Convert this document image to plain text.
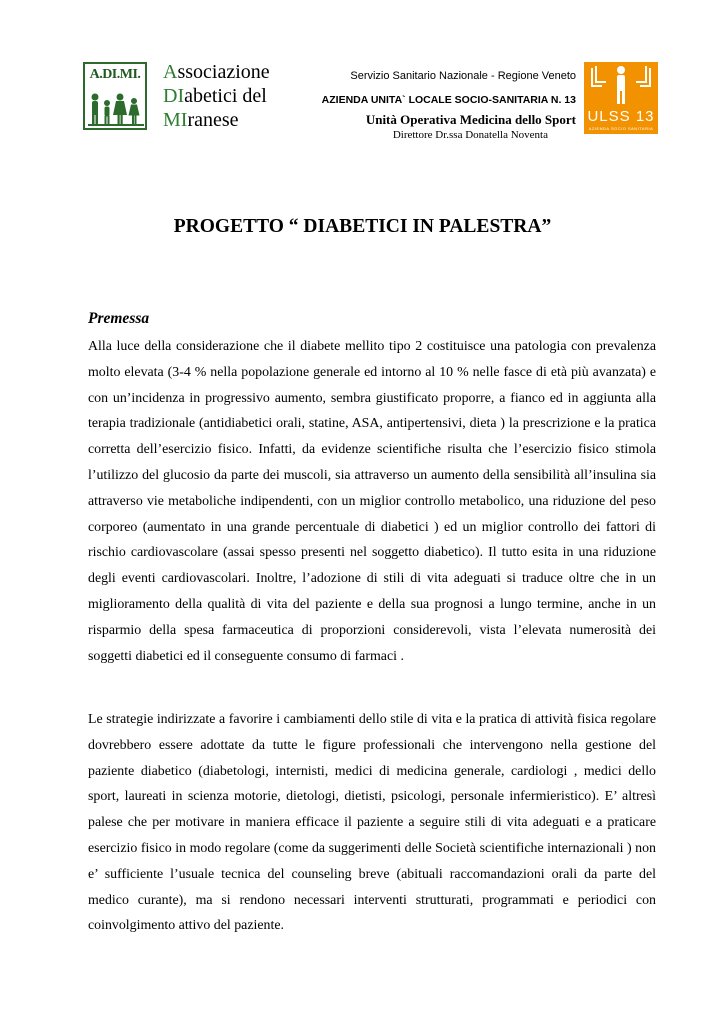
A.DI.MI. Associazione
DIabetici del
MIranese
Servizio Sanitario Nazionale - Regione Veneto
AZIENDA UNITA` LOCALE SOCIO-SANITARIA N. 13
Unità Operativa Medicina dello Sport
Direttore Dr.ssa Donatella Noventa
ULSS 13
AZIENDA SOCIO SANITARIA
PROGETTO “ DIABETICI IN PALESTRA”
Premessa

Alla luce della considerazione che il diabete mellito tipo 2 costituisce una patologia con prevalenza molto elevata (3-4 % nella popolazione generale ed intorno al 10 % nelle fasce di età più avanzata) e con un’incidenza in progressivo aumento, sembra giustificato proporre, a fianco ed in aggiunta alla terapia tradizionale (antidiabetici orali, statine, ASA, antipertensivi, dieta ) la prescrizione e la pratica corretta dell’esercizio fisico. Infatti, da evidenze scientifiche risulta che l’esercizio fisico stimola l’utilizzo del glucosio da parte dei muscoli, sia attraverso un aumento della sensibilità all’insulina sia attraverso vie metaboliche indipendenti, con un miglior controllo metabolico, una riduzione del peso corporeo (aumentato in una grande percentuale di diabetici ) ed un miglior controllo dei fattori di rischio cardiovascolare (assai spesso presenti nel soggetto diabetico). Il tutto esita in una riduzione degli eventi cardiovascolari. Inoltre, l’adozione di stili di vita adeguati si traduce oltre che in un miglioramento della qualità di vita del paziente e della sua prognosi a lungo termine, anche in un risparmio della spesa farmaceutica di proporzioni considerevoli, vista l’elevata numerosità dei soggetti diabetici ed il conseguente consumo di farmaci .

Le strategie indirizzate a favorire i cambiamenti dello stile di vita e la pratica di attività fisica regolare dovrebbero essere adottate da tutte le figure professionali che intervengono nella gestione del paziente diabetico (diabetologi, internisti, medici di medicina generale, cardiologi , medici dello sport, laureati in scienza motorie, dietologi, dietisti, psicologi, personale infermieristico). E’ altresì palese che per motivare in maniera efficace il paziente a seguire stili di vita adeguati e a praticare esercizio fisico in modo regolare (come da suggerimenti delle Società scientifiche internazionali ) non e’ sufficiente l’usuale tecnica del counseling breve (abituali raccomandazioni orali da parte del medico curante), ma si rendono necessari interventi strutturati, programmati e periodici con coinvolgimento attivo del paziente.
